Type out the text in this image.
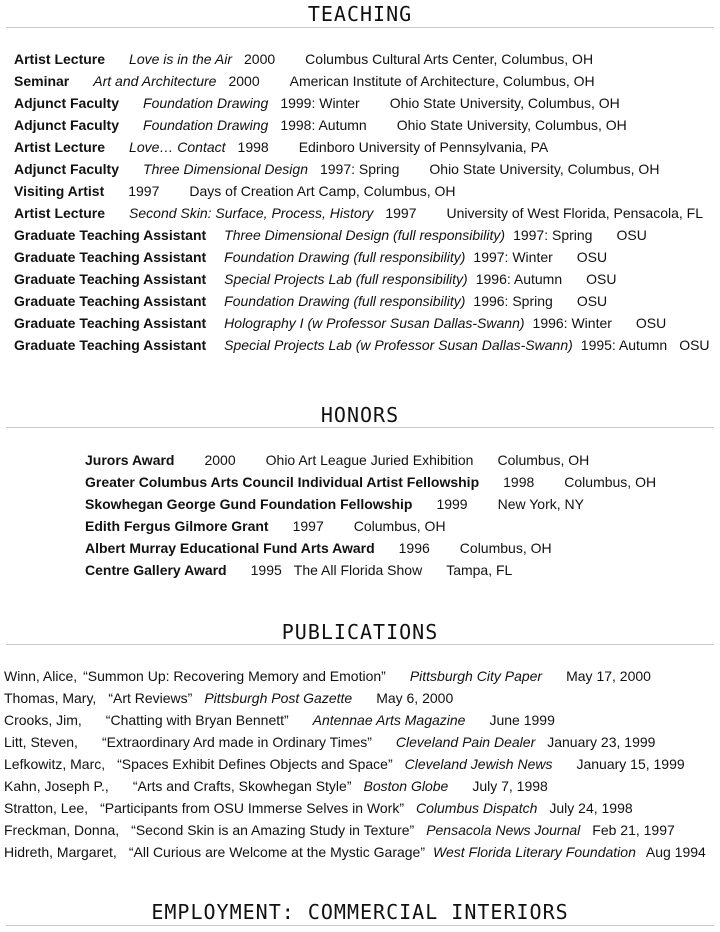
TEACHING
Artist Lecture Love is in the Air 2000 Columbus Cultural Arts Center, Columbus, OH
Seminar Art and Architecture 2000 American Institute of Architecture, Columbus, OH
Adjunct Faculty Foundation Drawing 1999: Winter Ohio State University, Columbus, OH
Adjunct Faculty Foundation Drawing 1998: Autumn Ohio State University, Columbus, OH
Artist Lecture Love… Contact 1998 Edinboro University of Pennsylvania, PA
Adjunct Faculty Three Dimensional Design 1997: Spring Ohio State University, Columbus, OH
Visiting Artist 1997 Days of Creation Art Camp, Columbus, OH
Artist Lecture Second Skin: Surface, Process, History 1997 University of West Florida, Pensacola, FL
Graduate Teaching Assistant Three Dimensional Design (full responsibility) 1997: Spring OSU
Graduate Teaching Assistant Foundation Drawing (full responsibility) 1997: Winter OSU
Graduate Teaching Assistant Special Projects Lab (full responsibility) 1996: Autumn OSU
Graduate Teaching Assistant Foundation Drawing (full responsibility) 1996: Spring OSU
Graduate Teaching Assistant Holography I (w Professor Susan Dallas-Swann) 1996: Winter OSU
Graduate Teaching Assistant Special Projects Lab (w Professor Susan Dallas-Swann) 1995: Autumn OSU
HONORS
Jurors Award 2000 Ohio Art League Juried Exhibition Columbus, OH
Greater Columbus Arts Council Individual Artist Fellowship 1998 Columbus, OH
Skowhegan George Gund Foundation Fellowship 1999 New York, NY
Edith Fergus Gilmore Grant 1997 Columbus, OH
Albert Murray Educational Fund Arts Award 1996 Columbus, OH
Centre Gallery Award 1995 The All Florida Show Tampa, FL
PUBLICATIONS
Winn, Alice, “Summon Up: Recovering Memory and Emotion” Pittsburgh City Paper May 17, 2000
Thomas, Mary, “Art Reviews” Pittsburgh Post Gazette May 6, 2000
Crooks, Jim, “Chatting with Bryan Bennett” Antennae Arts Magazine June 1999
Litt, Steven, “Extraordinary Ard made in Ordinary Times” Cleveland Pain Dealer January 23, 1999
Lefkowitz, Marc, “Spaces Exhibit Defines Objects and Space” Cleveland Jewish News January 15, 1999
Kahn, Joseph P., “Arts and Crafts, Skowhegan Style” Boston Globe July 7, 1998
Stratton, Lee, “Participants from OSU Immerse Selves in Work” Columbus Dispatch July 24, 1998
Freckman, Donna, “Second Skin is an Amazing Study in Texture” Pensacola News Journal Feb 21, 1997
Hidreth, Margaret, “All Curious are Welcome at the Mystic Garage” West Florida Literary Foundation Aug 1994
EMPLOYMENT: COMMERCIAL INTERIORS
